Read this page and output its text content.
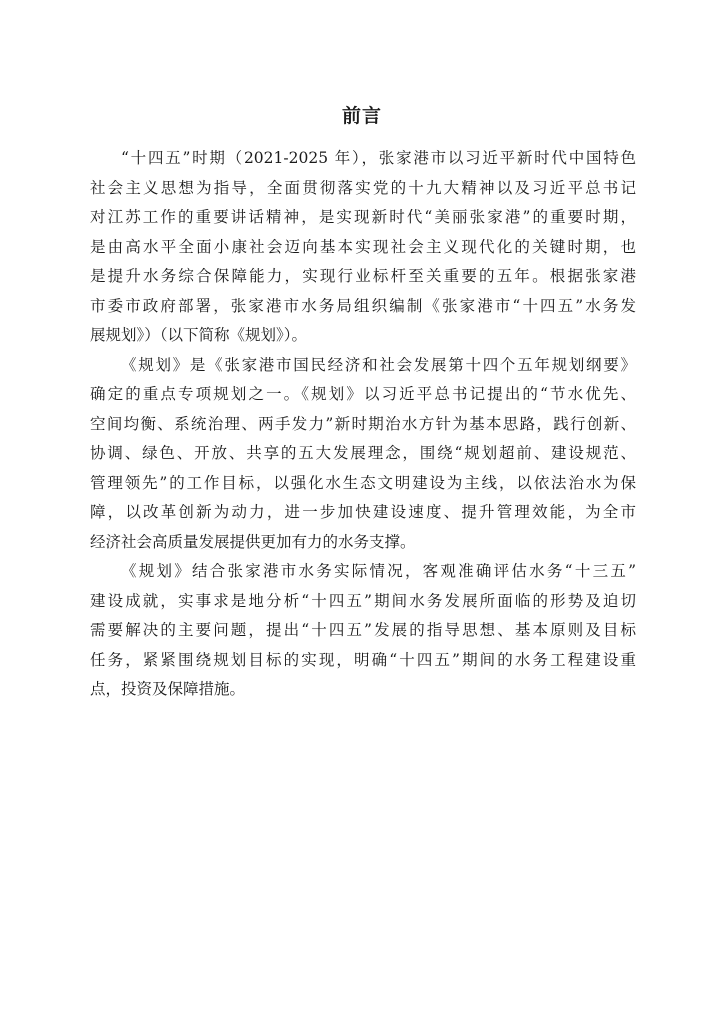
前言
“十四五”时期（2021-2025 年），张家港市以习近平新时代中国特色
社会主义思想为指导，全面贯彻落实党的十九大精神以及习近平总书记
对江苏工作的重要讲话精神，是实现新时代“美丽张家港”的重要时期，
是由高水平全面小康社会迈向基本实现社会主义现代化的关键时期，也
是提升水务综合保障能力，实现行业标杆至关重要的五年。根据张家港
市委市政府部署，张家港市水务局组织编制《张家港市“十四五”水务发
展规划》）（以下简称《规划》）。
《规划》是《张家港市国民经济和社会发展第十四个五年规划纲要》
确定的重点专项规划之一。《规划》以习近平总书记提出的“节水优先、
空间均衡、系统治理、两手发力”新时期治水方针为基本思路，践行创新、
协调、绿色、开放、共享的五大发展理念，围绕“规划超前、建设规范、
管理领先”的工作目标，以强化水生态文明建设为主线，以依法治水为保
障，以改革创新为动力，进一步加快建设速度、提升管理效能，为全市
经济社会高质量发展提供更加有力的水务支撑。
《规划》结合张家港市水务实际情况，客观准确评估水务“十三五”
建设成就，实事求是地分析“十四五”期间水务发展所面临的形势及迫切
需要解决的主要问题，提出“十四五”发展的指导思想、基本原则及目标
任务，紧紧围绕规划目标的实现，明确“十四五”期间的水务工程建设重
点，投资及保障措施。
